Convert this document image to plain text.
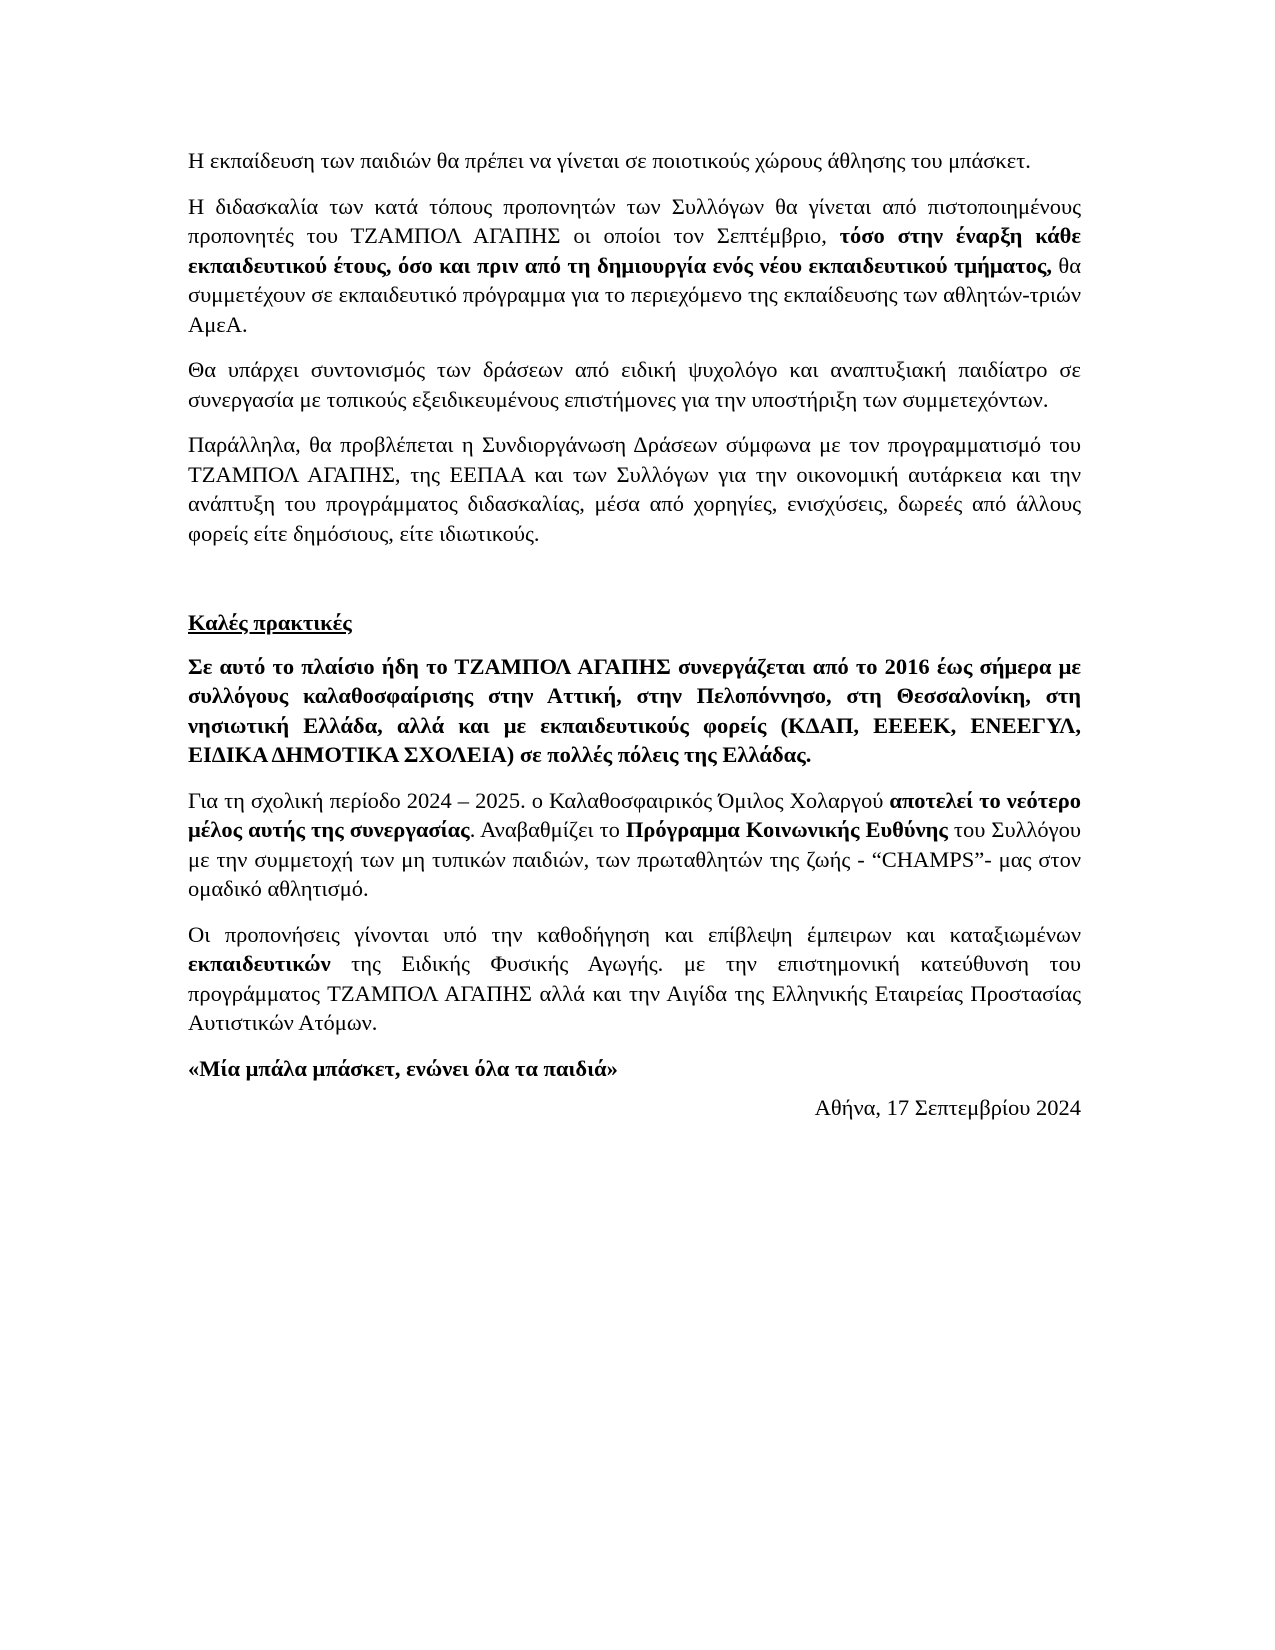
Η εκπαίδευση των παιδιών θα πρέπει να γίνεται σε ποιοτικούς χώρους άθλησης του μπάσκετ.

Η διδασκαλία των κατά τόπους προπονητών των Συλλόγων θα γίνεται από πιστοποιημένους προπονητές του ΤΖΑΜΠΟΛ ΑΓΑΠΗΣ οι οποίοι τον Σεπτέμβριο, τόσο στην έναρξη κάθε εκπαιδευτικού έτους, όσο και πριν από τη δημιουργία ενός νέου εκπαιδευτικού τμήματος, θα συμμετέχουν σε εκπαιδευτικό πρόγραμμα για το περιεχόμενο της εκπαίδευσης των αθλητών-τριών ΑμεΑ.

Θα υπάρχει συντονισμός των δράσεων από ειδική ψυχολόγο και αναπτυξιακή παιδίατρο σε συνεργασία με τοπικούς εξειδικευμένους επιστήμονες για την υποστήριξη των συμμετεχόντων.

Παράλληλα, θα προβλέπεται η Συνδιοργάνωση Δράσεων σύμφωνα με τον προγραμματισμό του ΤΖΑΜΠΟΛ ΑΓΑΠΗΣ, της ΕΕΠΑΑ και των Συλλόγων για την οικονομική αυτάρκεια και την ανάπτυξη του προγράμματος διδασκαλίας, μέσα από χορηγίες, ενισχύσεις, δωρεές από άλλους φορείς είτε δημόσιους, είτε ιδιωτικούς.

Καλές πρακτικές

Σε αυτό το πλαίσιο ήδη το ΤΖΑΜΠΟΛ ΑΓΑΠΗΣ συνεργάζεται από το 2016 έως σήμερα με συλλόγους καλαθοσφαίρισης στην Αττική, στην Πελοπόννησο, στη Θεσσαλονίκη, στη νησιωτική Ελλάδα, αλλά και με εκπαιδευτικούς φορείς (ΚΔΑΠ, ΕΕΕΕΚ, ΕΝΕΕΓΥΛ, ΕΙΔΙΚΑ ΔΗΜΟΤΙΚΑ ΣΧΟΛΕΙΑ) σε πολλές πόλεις της Ελλάδας.

Για τη σχολική περίοδο 2024 – 2025. ο Καλαθοσφαιρικός Όμιλος Χολαργού αποτελεί το νεότερο μέλος αυτής της συνεργασίας. Αναβαθμίζει το Πρόγραμμα Κοινωνικής Ευθύνης του Συλλόγου με την συμμετοχή των μη τυπικών παιδιών, των πρωταθλητών της ζωής - “CHAMPS”- μας στον ομαδικό αθλητισμό.

Οι προπονήσεις γίνονται υπό την καθοδήγηση και επίβλεψη έμπειρων και καταξιωμένων εκπαιδευτικών της Ειδικής Φυσικής Αγωγής. με την επιστημονική κατεύθυνση του προγράμματος ΤΖΑΜΠΟΛ ΑΓΑΠΗΣ αλλά και την Αιγίδα της Ελληνικής Εταιρείας Προστασίας Αυτιστικών Ατόμων.

«Μία μπάλα μπάσκετ, ενώνει όλα τα παιδιά»
Αθήνα, 17 Σεπτεμβρίου 2024
